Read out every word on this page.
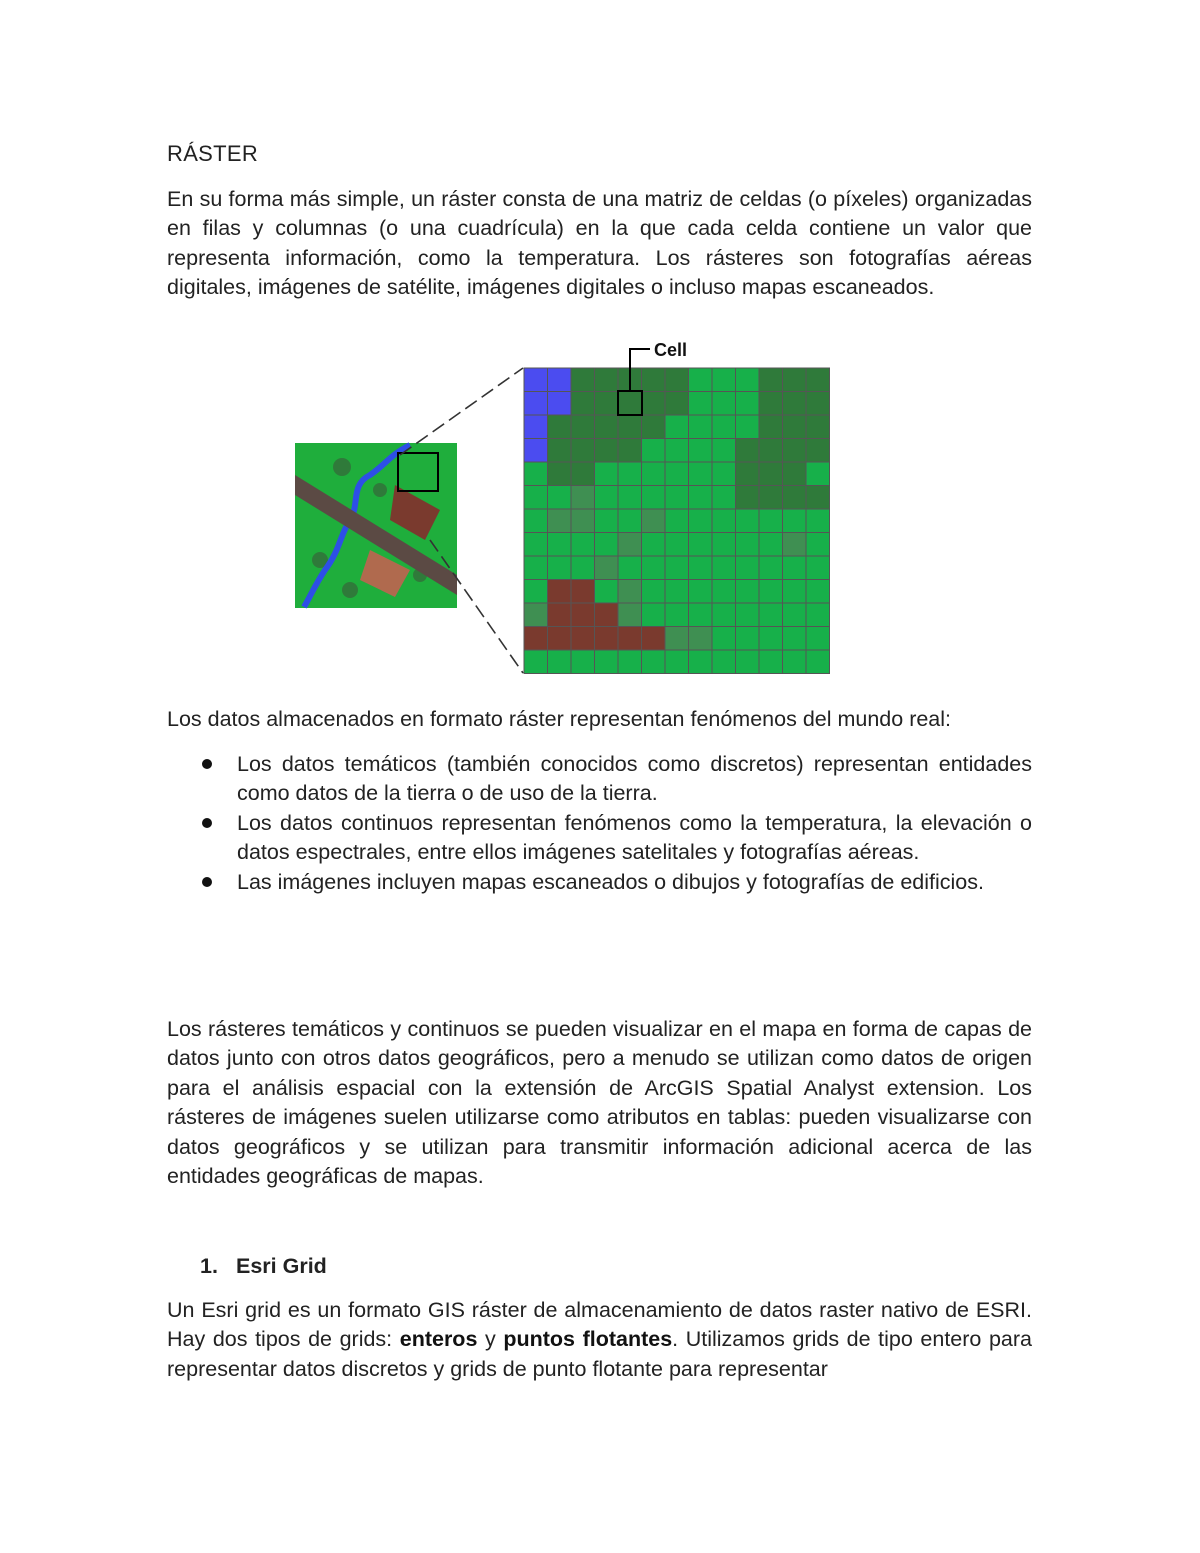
RÁSTER
En su forma más simple, un ráster consta de una matriz de celdas (o píxeles) organizadas en filas y columnas (o una cuadrícula) en la que cada celda contiene un valor que representa información, como la temperatura. Los rásteres son fotografías aéreas digitales, imágenes de satélite, imágenes digitales o incluso mapas escaneados.
Cell
Los datos almacenados en formato ráster representan fenómenos del mundo real:
Los datos temáticos (también conocidos como discretos) representan entidades como datos de la tierra o de uso de la tierra.
Los datos continuos representan fenómenos como la temperatura, la elevación o datos espectrales, entre ellos imágenes satelitales y fotografías aéreas.
Las imágenes incluyen mapas escaneados o dibujos y fotografías de edificios.
Los rásteres temáticos y continuos se pueden visualizar en el mapa en forma de capas de datos junto con otros datos geográficos, pero a menudo se utilizan como datos de origen para el análisis espacial con la extensión de ArcGIS Spatial Analyst extension. Los rásteres de imágenes suelen utilizarse como atributos en tablas: pueden visualizarse con datos geográficos y se utilizan para transmitir información adicional acerca de las entidades geográficas de mapas.
1. Esri Grid
Un Esri grid es un formato GIS ráster de almacenamiento de datos raster nativo de ESRI. Hay dos tipos de grids: enteros y puntos flotantes. Utilizamos grids de tipo entero para representar datos discretos y grids de punto flotante para representar
